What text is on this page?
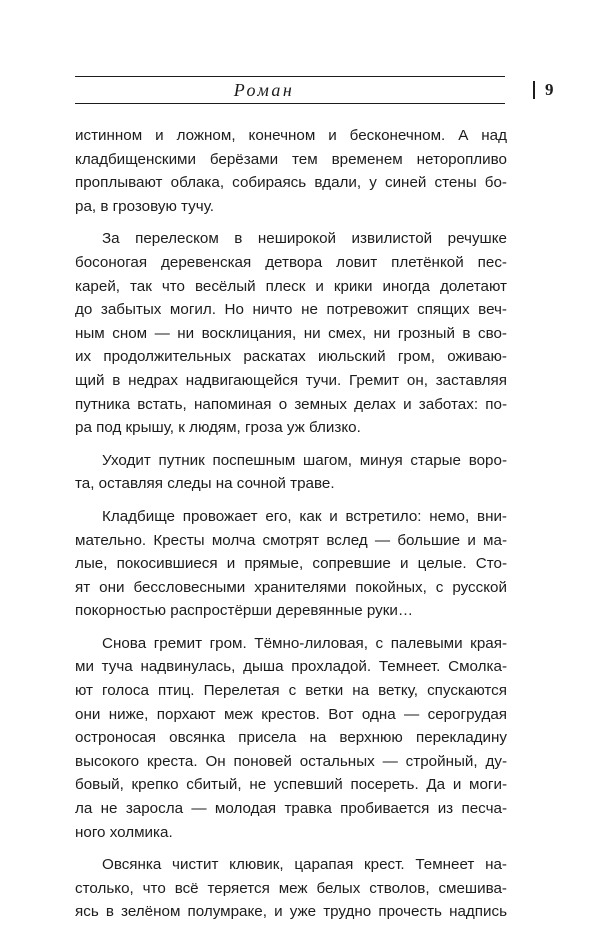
Роман	9
истинном и ложном, конечном и бесконечном. А над
кладбищенскими берёзами тем временем неторопливо
проплывают облака, собираясь вдали, у синей стены бо-
ра, в грозовую тучу.
За перелеском в неширокой извилистой речушке
босоногая деревенская детвора ловит плетёнкой пес-
карей, так что весёлый плеск и крики иногда долетают
до забытых могил. Но ничто не потревожит спящих веч-
ным сном — ни восклицания, ни смех, ни грозный в сво-
их продолжительных раскатах июльский гром, оживаю-
щий в недрах надвигающейся тучи. Гремит он, заставляя
путника встать, напоминая о земных делах и заботах: по-
ра под крышу, к людям, гроза уж близко.
Уходит путник поспешным шагом, минуя старые воро-
та, оставляя следы на сочной траве.
Кладбище провожает его, как и встретило: немо, вни-
мательно. Кресты молча смотрят вслед — большие и ма-
лые, покосившиеся и прямые, сопревшие и целые. Сто-
ят они бессловесными хранителями покойных, с русской
покорностью распростёрши деревянные руки…
Снова гремит гром. Тёмно-лиловая, с палевыми края-
ми туча надвинулась, дыша прохладой. Темнеет. Смолка-
ют голоса птиц. Перелетая с ветки на ветку, спускаются
они ниже, порхают меж крестов. Вот одна — серогрудая
остроносая овсянка присела на верхнюю перекладину
высокого креста. Он поновей остальных — стройный, ду-
бовый, крепко сбитый, не успевший посереть. Да и моги-
ла не заросла — молодая травка пробивается из песча-
ного холмика.
Овсянка чистит клювик, царапая крест. Темнеет на-
столько, что всё теряется меж белых стволов, смешива-
ясь в зелёном полумраке, и уже трудно прочесть надпись
